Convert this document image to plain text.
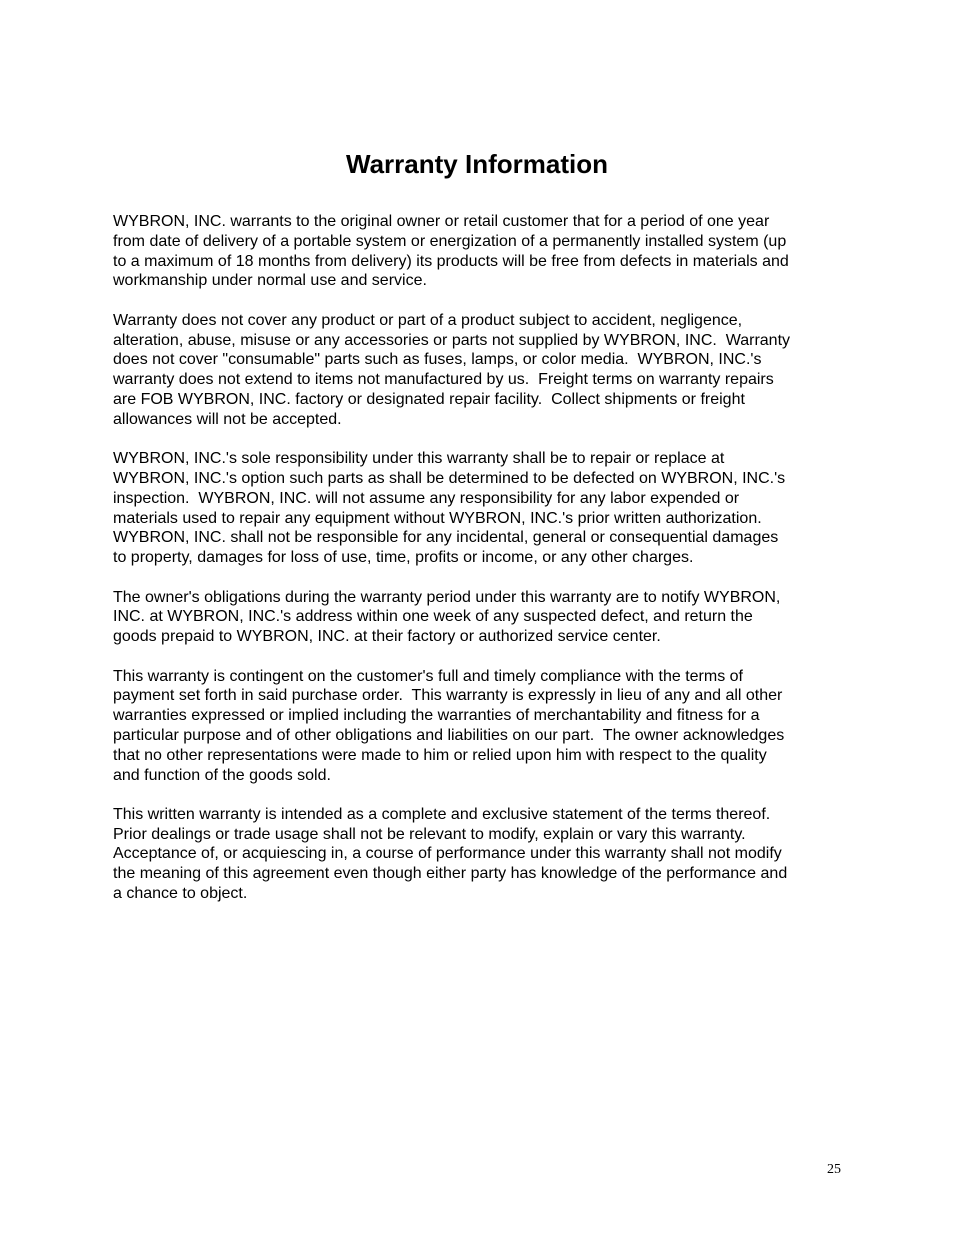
Warranty Information

WYBRON, INC. warrants to the original owner or retail customer that for a period of one year
from date of delivery of a portable system or energization of a permanently installed system (up
to a maximum of 18 months from delivery) its products will be free from defects in materials and
workmanship under normal use and service.

Warranty does not cover any product or part of a product subject to accident, negligence,
alteration, abuse, misuse or any accessories or parts not supplied by WYBRON, INC.  Warranty
does not cover "consumable" parts such as fuses, lamps, or color media.  WYBRON, INC.'s
warranty does not extend to items not manufactured by us.  Freight terms on warranty repairs
are FOB WYBRON, INC. factory or designated repair facility.  Collect shipments or freight
allowances will not be accepted.

WYBRON, INC.'s sole responsibility under this warranty shall be to repair or replace at
WYBRON, INC.'s option such parts as shall be determined to be defected on WYBRON, INC.'s
inspection.  WYBRON, INC. will not assume any responsibility for any labor expended or
materials used to repair any equipment without WYBRON, INC.'s prior written authorization.
WYBRON, INC. shall not be responsible for any incidental, general or consequential damages
to property, damages for loss of use, time, profits or income, or any other charges.

The owner's obligations during the warranty period under this warranty are to notify WYBRON,
INC. at WYBRON, INC.'s address within one week of any suspected defect, and return the
goods prepaid to WYBRON, INC. at their factory or authorized service center.

This warranty is contingent on the customer's full and timely compliance with the terms of
payment set forth in said purchase order.  This warranty is expressly in lieu of any and all other
warranties expressed or implied including the warranties of merchantability and fitness for a
particular purpose and of other obligations and liabilities on our part.  The owner acknowledges
that no other representations were made to him or relied upon him with respect to the quality
and function of the goods sold.

This written warranty is intended as a complete and exclusive statement of the terms thereof.
Prior dealings or trade usage shall not be relevant to modify, explain or vary this warranty.
Acceptance of, or acquiescing in, a course of performance under this warranty shall not modify
the meaning of this agreement even though either party has knowledge of the performance and
a chance to object.

25
